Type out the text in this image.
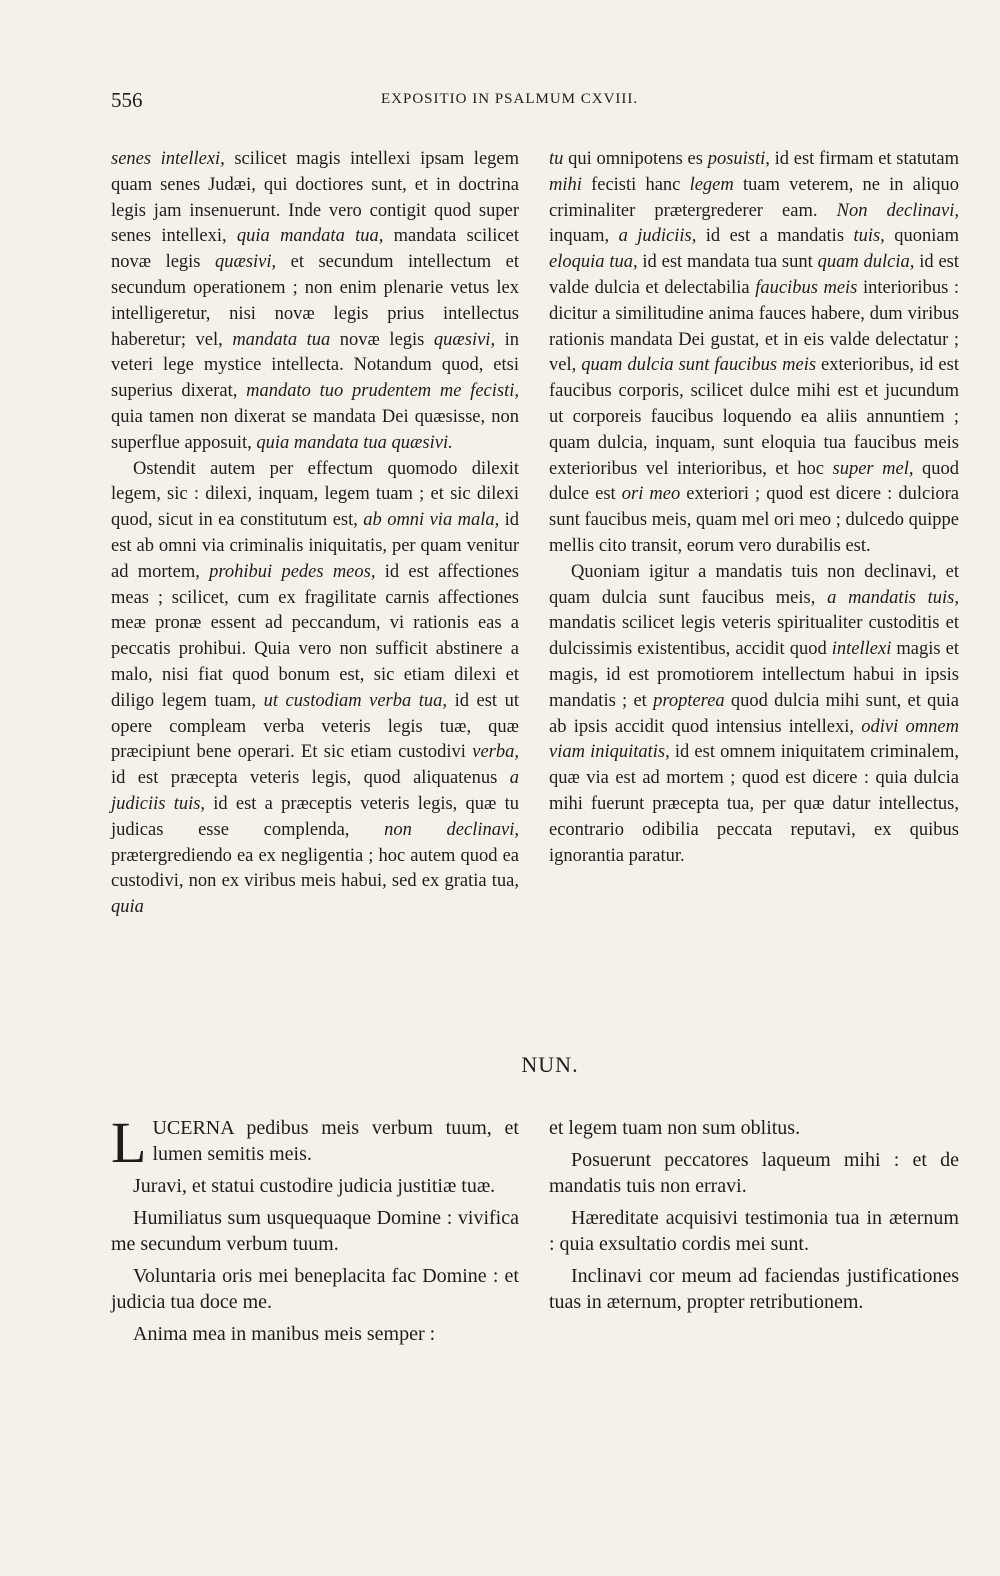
556	EXPOSITIO IN PSALMUM CXVIII.

senes intellexi, scilicet magis intellexi ipsam legem quam senes Judæi, qui doctiores sunt, et in doctrina legis jam insenuerunt. Inde vero contigit quod super senes intellexi, quia mandata tua, mandata scilicet novæ legis quæsivi, et secundum intellectum et secundum operationem ; non enim plenarie vetus lex intelligeretur, nisi novæ legis prius intellectus haberetur; vel, mandata tua novæ legis quæsivi, in veteri lege mystice intellecta. Notandum quod, etsi superius dixerat, mandato tuo prudentem me fecisti, quia tamen non dixerat se mandata Dei quæsisse, non superflue apposuit, quia mandata tua quæsivi.

Ostendit autem per effectum quomodo dilexit legem, sic : dilexi, inquam, legem tuam ; et sic dilexi quod, sicut in ea constitutum est, ab omni via mala, id est ab omni via criminalis iniquitatis, per quam venitur ad mortem, prohibui pedes meos, id est affectiones meas ; scilicet, cum ex fragilitate carnis affectiones meæ pronæ essent ad peccandum, vi rationis eas a peccatis prohibui. Quia vero non sufficit abstinere a malo, nisi fiat quod bonum est, sic etiam dilexi et diligo legem tuam, ut custodiam verba tua, id est ut opere compleam verba veteris legis tuæ, quæ præcipiunt bene operari. Et sic etiam custodivi verba, id est præcepta veteris legis, quod aliquatenus a judiciis tuis, id est a præceptis veteris legis, quæ tu judicas esse complenda, non declinavi, prætergrediendo ea ex negligentia ; hoc autem quod ea custodivi, non ex viribus meis habui, sed ex gratia tua, quia

tu qui omnipotens es posuisti, id est firmam et statutam mihi fecisti hanc legem tuam veterem, ne in aliquo criminaliter prætergrederer eam. Non declinavi, inquam, a judiciis, id est a mandatis tuis, quoniam eloquia tua, id est mandata tua sunt quam dulcia, id est valde dulcia et delectabilia faucibus meis interioribus : dicitur a similitudine anima fauces habere, dum viribus rationis mandata Dei gustat, et in eis valde delectatur ; vel, quam dulcia sunt faucibus meis exterioribus, id est faucibus corporis, scilicet dulce mihi est et jucundum ut corporeis faucibus loquendo ea aliis annuntiem ; quam dulcia, inquam, sunt eloquia tua faucibus meis exterioribus vel interioribus, et hoc super mel, quod dulce est ori meo exteriori ; quod est dicere : dulciora sunt faucibus meis, quam mel ori meo ; dulcedo quippe mellis cito transit, eorum vero durabilis est.

Quoniam igitur a mandatis tuis non declinavi, et quam dulcia sunt faucibus meis, a mandatis tuis, mandatis scilicet legis veteris spiritualiter custoditis et dulcissimis existentibus, accidit quod intellexi magis et magis, id est promotiorem intellectum habui in ipsis mandatis ; et propterea quod dulcia mihi sunt, et quia ab ipsis accidit quod intensius intellexi, odivi omnem viam iniquitatis, id est omnem iniquitatem criminalem, quæ via est ad mortem ; quod est dicere : quia dulcia mihi fuerunt præcepta tua, per quæ datur intellectus, econtrario odibilia peccata reputavi, ex quibus ignorantia paratur.

NUN.

LUCERNA pedibus meis verbum tuum, et lumen semitis meis.

Juravi, et statui custodire judicia justitiæ tuæ.

Humiliatus sum usquequaque Domine : vivifica me secundum verbum tuum.

Voluntaria oris mei beneplacita fac Domine : et judicia tua doce me.

Anima mea in manibus meis semper :

et legem tuam non sum oblitus.

Posuerunt peccatores laqueum mihi : et de mandatis tuis non erravi.

Hæreditate acquisivi testimonia tua in æternum : quia exsultatio cordis mei sunt.

Inclinavi cor meum ad faciendas justificationes tuas in æternum, propter retributionem.
